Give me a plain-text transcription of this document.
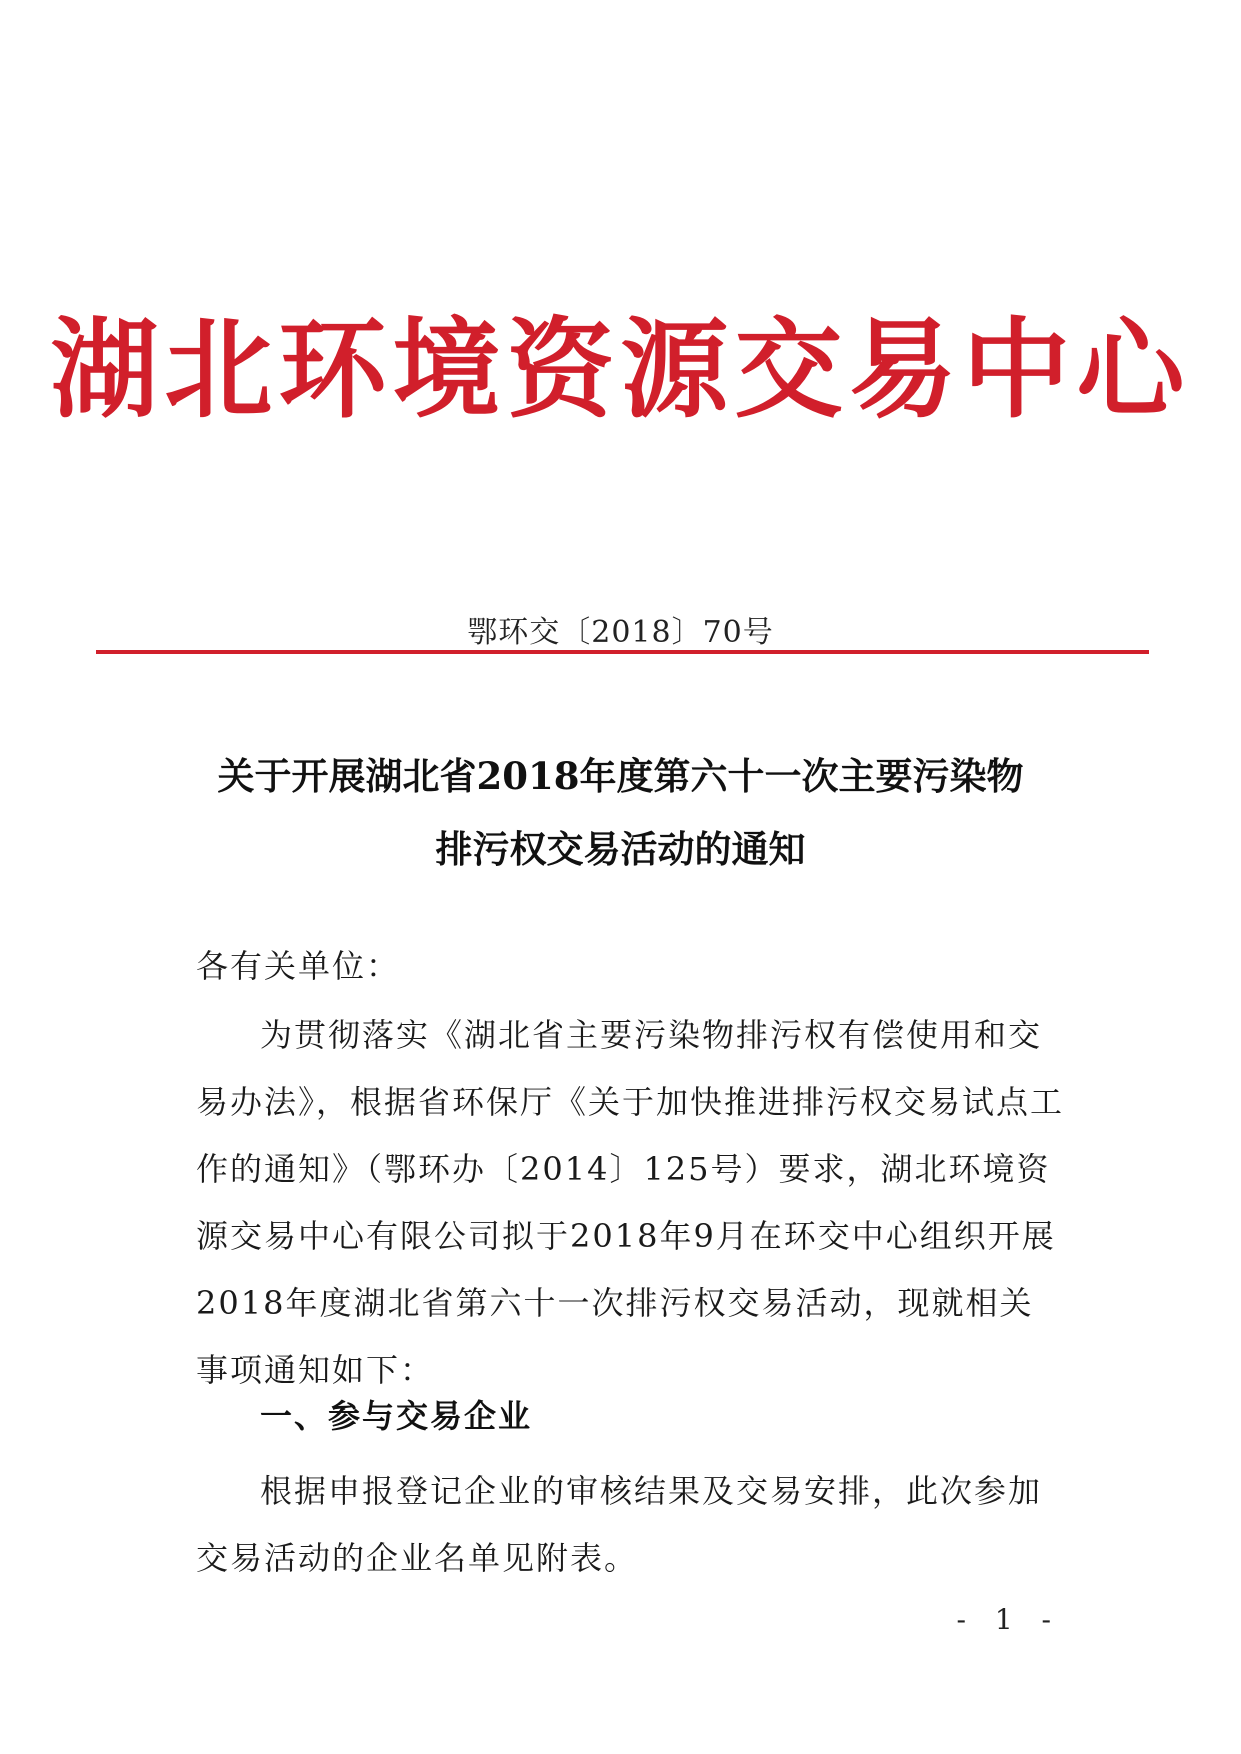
湖北环境资源交易中心
鄂环交〔2018〕70号
关于开展湖北省2018年度第六十一次主要污染物
排污权交易活动的通知
各有关单位：
为贯彻落实《湖北省主要污染物排污权有偿使用和交易办法》，根据省环保厅《关于加快推进排污权交易试点工作的通知》（鄂环办〔2014〕125号）要求，湖北环境资源交易中心有限公司拟于2018年9月在环交中心组织开展2018年度湖北省第六十一次排污权交易活动，现就相关事项通知如下：
一、参与交易企业
根据申报登记企业的审核结果及交易安排，此次参加交易活动的企业名单见附表。
- 1 -
